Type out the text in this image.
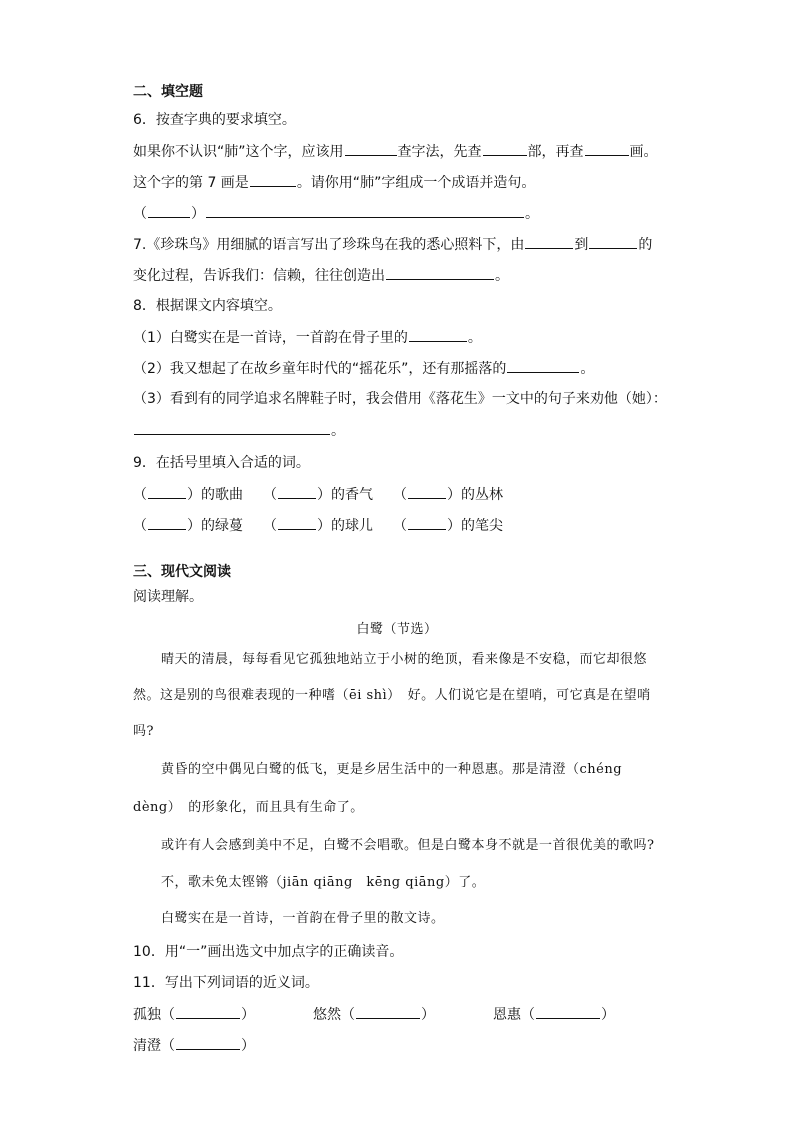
二、填空题
6．按查字典的要求填空。
如果你不认识“肺”这个字，应该用	查字法，先查	部，再查	画。
这个字的第 7 画是	。请你用“肺”字组成一个成语并造句。
（	）	。
7.《珍珠鸟》用细腻的语言写出了珍珠鸟在我的悉心照料下，由	到	的
变化过程，告诉我们：信赖，往往创造出	。
8．根据课文内容填空。
（1）白鹭实在是一首诗，一首韵在骨子里的	。
（2）我又想起了在故乡童年时代的“摇花乐”，还有那摇落的	。
（3）看到有的同学追求名牌鞋子时，我会借用《落花生》一文中的句子来劝他（她）：
。
9．在括号里填入合适的词。
（	）的歌曲 （	）的香气 （	）的丛林
（	）的绿蔓 （	）的球儿 （	）的笔尖
三、现代文阅读
阅读理解。
白鹭（节选）
晴天的清晨，每每看见它孤独地站立于小树的绝顶，看来像是不安稳，而它却很悠
然。这是别的鸟很难表现的一种嗜（ēi shì）　好。人们说它是在望哨，可它真是在望哨
吗?
黄昏的空中偶见白鹭的低飞，更是乡居生活中的一种恩惠。那是清澄（chéng
dèng）　的形象化，而且具有生命了。
或许有人会感到美中不足，白鹭不会唱歌。但是白鹭本身不就是一首很优美的歌吗?
不，歌未免太铿锵（jiān qiāng　kēng qiāng）了。
白鹭实在是一首诗，一首韵在骨子里的散文诗。
10．用“一”画出选文中加点字的正确读音。
11．写出下列词语的近义词。
孤独（	）	悠然（	）	恩惠（	）
清澄（	）
